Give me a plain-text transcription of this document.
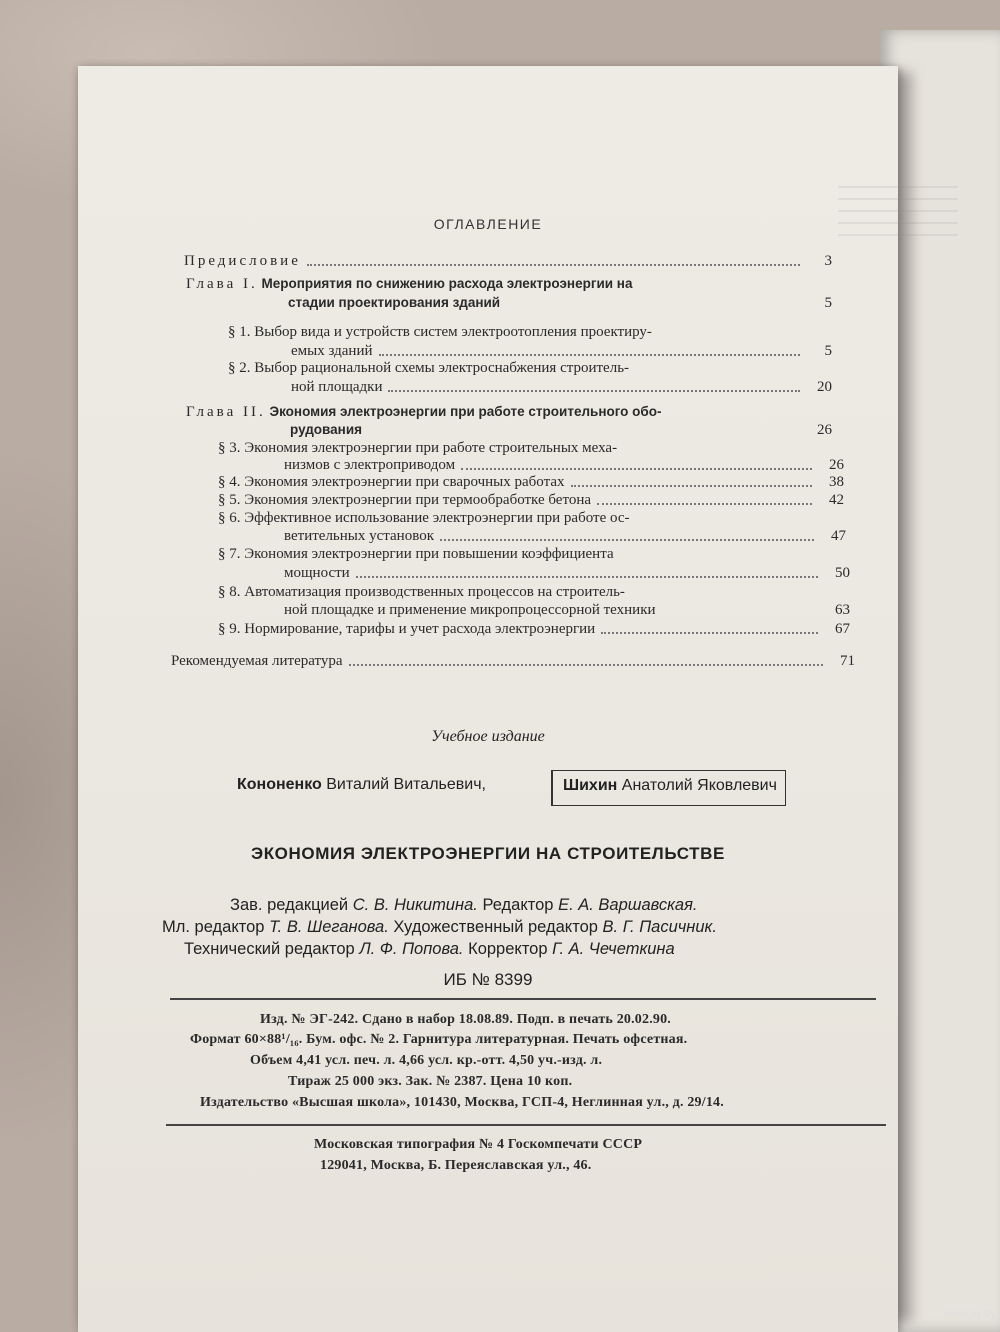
ОГЛАВЛЕНИЕ
Предисловие	3
Глава I. Мероприятия по снижению расхода электроэнергии на
стадии проектирования зданий	5
§ 1. Выбор вида и устройств систем электроотопления проектиру-
емых зданий	5
§ 2. Выбор рациональной схемы электроснабжения строитель-
ной площадки	20
Глава II. Экономия электроэнергии при работе строительного обо-
рудования	26
§ 3. Экономия электроэнергии при работе строительных меха-
низмов с электроприводом	26
§ 4. Экономия электроэнергии при сварочных работах	38
§ 5. Экономия электроэнергии при термообработке бетона	42
§ 6. Эффективное использование электроэнергии при работе ос-
ветительных установок	47
§ 7. Экономия электроэнергии при повышении коэффициента
мощности	50
§ 8. Автоматизация производственных процессов на строитель-
ной площадке и применение микропроцессорной техники	63
§ 9. Нормирование, тарифы и учет расхода электроэнергии	67
Рекомендуемая литература	71
Учебное издание
Кононенко Виталий Витальевич,	Шихин Анатолий Яковлевич
ЭКОНОМИЯ ЭЛЕКТРОЭНЕРГИИ НА СТРОИТЕЛЬСТВЕ
Зав. редакцией С. В. Никитина. Редактор Е. А. Варшавская.
Мл. редактор Т. В. Шеганова. Художественный редактор В. Г. Пасичник.
Технический редактор Л. Ф. Попова. Корректор Г. А. Чечеткина
ИБ № 8399
Изд. № ЭГ-242. Сдано в набор 18.08.89. Подп. в печать 20.02.90.
Формат 60×88¹/₁₆. Бум. офс. № 2. Гарнитура литературная. Печать офсетная.
Объем 4,41 усл. печ. л. 4,66 усл. кр.-отт. 4,50 уч.-изд. л.
Тираж 25 000 экз. Зак. № 2387. Цена 10 коп.
Издательство «Высшая школа», 101430, Москва, ГСП-4, Неглинная ул., д. 29/14.
Московская типография № 4 Госкомпечати СССР
129041, Москва, Б. Переяславская ул., 46.
www.ay.by
